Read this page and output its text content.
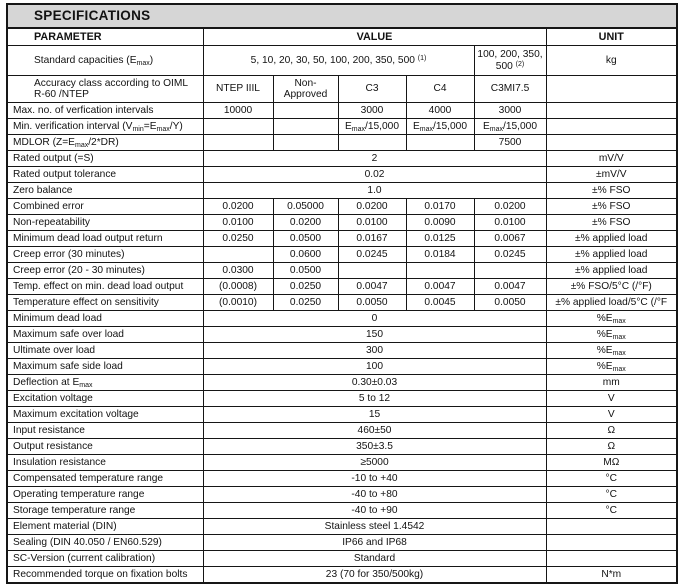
SPECIFICATIONS						
PARAMETER	VALUE					UNIT
Standard capacities $(E_{max})$	5, 10, 20, 30, 50, 100, 200, 350, 500 $^{(1)}$				100, 200, 350, 500 $^{(2)}$	kg
Accuracy class according to OIML R-60 /NTEP	NTEP IIIL	Non-Approved	C3	C4	C3MI7.5	
Max. no. of verfication intervals	10000		3000	4000	3000	
Min. verification interval $(V_{min}=E_{max}/Y)$			$E_{max}/15,000$	$E_{max}/15,000$	$E_{max}/15,000$	
MDLOR $(Z=E_{max}/2*DR)$					7500	
Rated output (=S)	2					mV/V
Rated output tolerance	0.02					±mV/V
Zero balance	1.0					±% FSO
Combined error	0.0200	0.05000	0.0200	0.0170	0.0200	±% FSO
Non-repeatability	0.0100	0.0200	0.0100	0.0090	0.0100	±% FSO
Minimum dead load output return	0.0250	0.0500	0.0167	0.0125	0.0067	±% applied load
Creep error (30 minutes)		0.0600	0.0245	0.0184	0.0245	±% applied load
Creep error (20 - 30 minutes)	0.0300	0.0500				±% applied load
Temp. effect on min. dead load output	(0.0008)	0.0250	0.0047	0.0047	0.0047	±% FSO/5°C (/°F)
Temperature effect on sensitivity	(0.0010)	0.0250	0.0050	0.0045	0.0050	±% applied load/5°C (/°F
Minimum dead load	0					$\%E_{max}$
Maximum safe over load	150					$\%E_{max}$
Ultimate over load	300					$\%E_{max}$
Maximum safe side load	100					$\%E_{max}$
Deflection at $E_{max}$	0.30±0.03					mm
Excitation voltage	5 to 12					V
Maximum excitation voltage	15					V
Input resistance	460±50					Ω
Output resistance	350±3.5					Ω
Insulation resistance	≥5000					MΩ
Compensated temperature range	-10 to +40					°C
Operating temperature range	-40 to +80					°C
Storage temperature range	-40 to +90					°C
Element material (DIN)	Stainless steel 1.4542					
Sealing (DIN 40.050 / EN60.529)	IP66 and IP68					
SC-Version (current calibration)	Standard					
Recommended torque on fixation bolts	23 (70 for 350/500kg)					N*m
